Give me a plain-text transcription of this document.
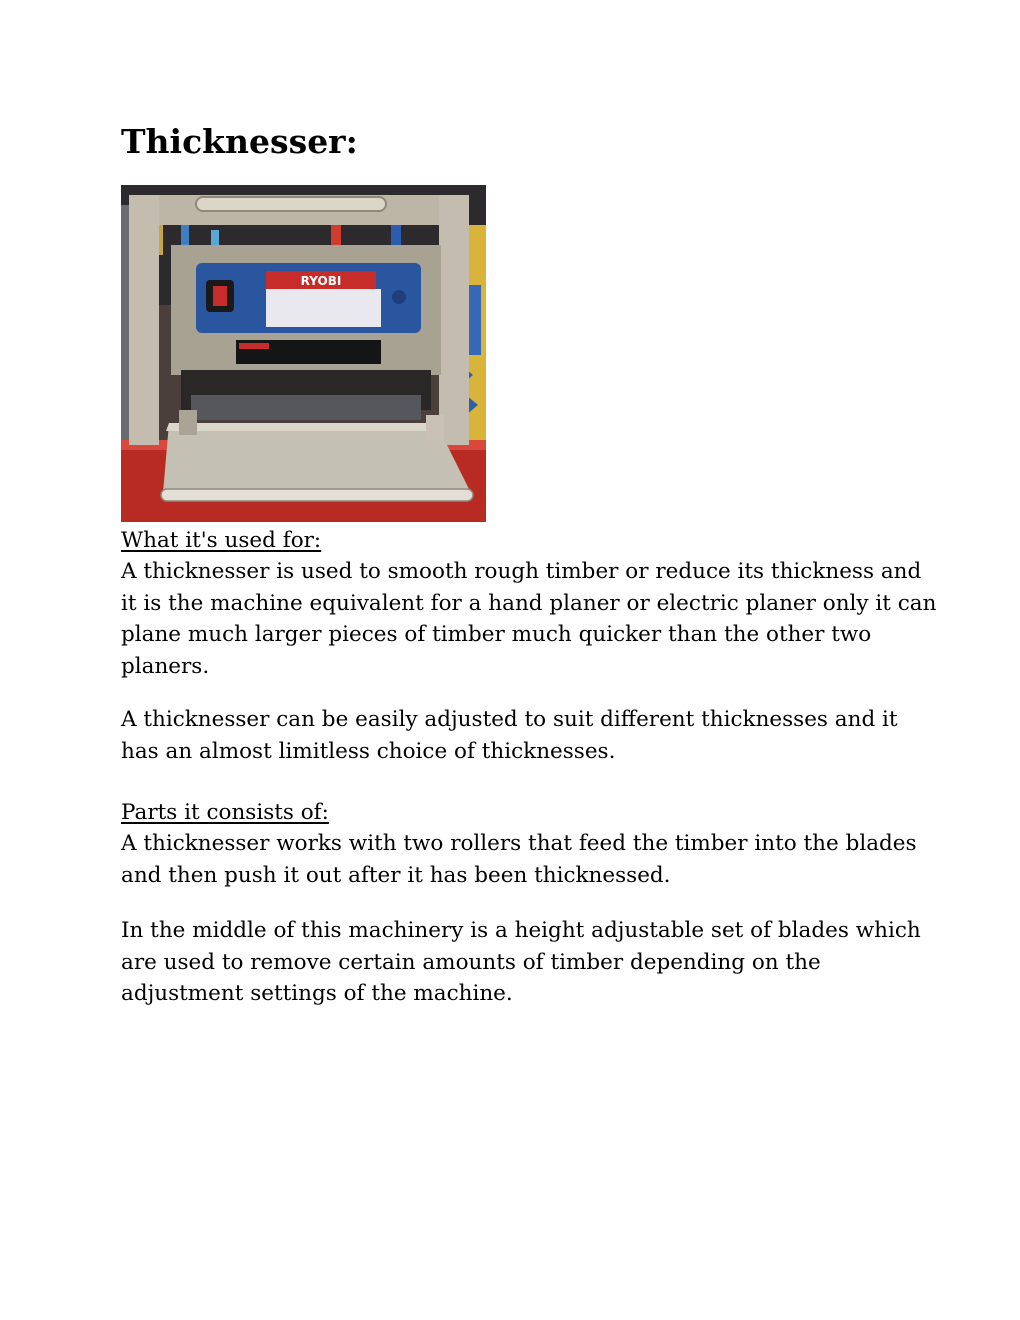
Thicknesser:
RYOBI

What it's used for:

A thicknesser is used to smooth rough timber or reduce its thickness and it is the machine equivalent for a hand planer or electric planer only it can plane much larger pieces of timber much quicker than the other two planers.

A thicknesser can be easily adjusted to suit different thicknesses and it has an almost limitless choice of thicknesses.

Parts it consists of:

A thicknesser works with two rollers that feed the timber into the blades and then push it out after it has been thicknessed.

In the middle of this machinery is a height adjustable set of blades which are used to remove certain amounts of timber depending on the adjustment settings of the machine.
